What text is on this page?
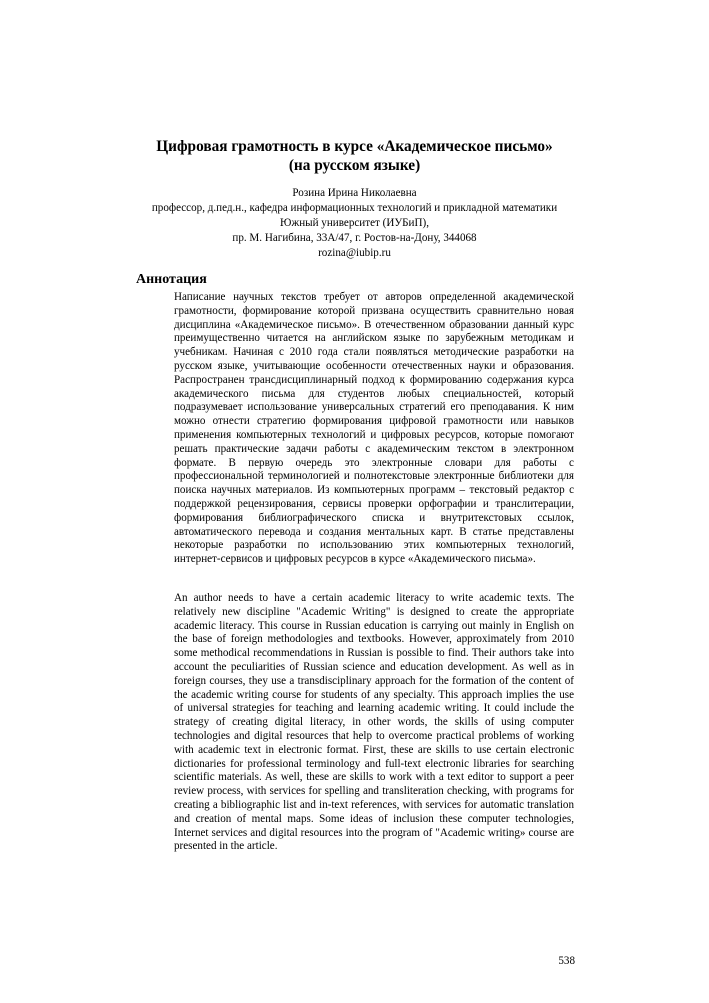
Цифровая грамотность в курсе «Академическое письмо»
(на русском языке)
Розина Ирина Николаевна
профессор, д.пед.н., кафедра информационных технологий и прикладной математики
Южный университет (ИУБиП),
пр. М. Нагибина, 33А/47, г. Ростов-на-Дону, 344068
rozina@iubip.ru
Аннотация
Написание научных текстов требует от авторов определенной академической грамотности, формирование которой призвана осуществить сравнительно новая дисциплина «Академическое письмо». В отечественном образовании данный курс преимущественно читается на английском языке по зарубежным методикам и учебникам. Начиная с 2010 года стали появляться методические разработки на русском языке, учитывающие особенности отечественных науки и образования. Распространен трансдисциплинарный подход к формированию содержания курса академического письма для студентов любых специальностей, который подразумевает использование универсальных стратегий его преподавания. К ним можно отнести стратегию формирования цифровой грамотности или навыков применения компьютерных технологий и цифровых ресурсов, которые помогают решать практические задачи работы с академическим текстом в электронном формате. В первую очередь это электронные словари для работы с профессиональной терминологией и полнотекстовые электронные библиотеки для поиска научных материалов. Из компьютерных программ – текстовый редактор с поддержкой рецензирования, сервисы проверки орфографии и транслитерации, формирования библиографического списка и внутритекстовых ссылок, автоматического перевода и создания ментальных карт. В статье представлены некоторые разработки по использованию этих компьютерных технологий, интернет-сервисов и цифровых ресурсов в курсе «Академического письма».
An author needs to have a certain academic literacy to write academic texts. The relatively new discipline "Academic Writing" is designed to create the appropriate academic literacy. This course in Russian education is carrying out mainly in English on the base of foreign methodologies and textbooks. However, approximately from 2010 some methodical recommendations in Russian is possible to find. Their authors take into account the peculiarities of Russian science and education development. As well as in foreign courses, they use a transdisciplinary approach for the formation of the content of the academic writing course for students of any specialty. This approach implies the use of universal strategies for teaching and learning academic writing. It could include the strategy of creating digital literacy, in other words, the skills of using computer technologies and digital resources that help to overcome practical problems of working with academic text in electronic format. First, these are skills to use certain electronic dictionaries for professional terminology and full-text electronic libraries for searching scientific materials. As well, these are skills to work with a text editor to support a peer review process, with services for spelling and transliteration checking, with programs for creating a bibliographic list and in-text references, with services for automatic translation and creation of mental maps. Some ideas of inclusion these computer technologies, Internet services and digital resources into the program of "Academic writing» course are presented in the article.
538
